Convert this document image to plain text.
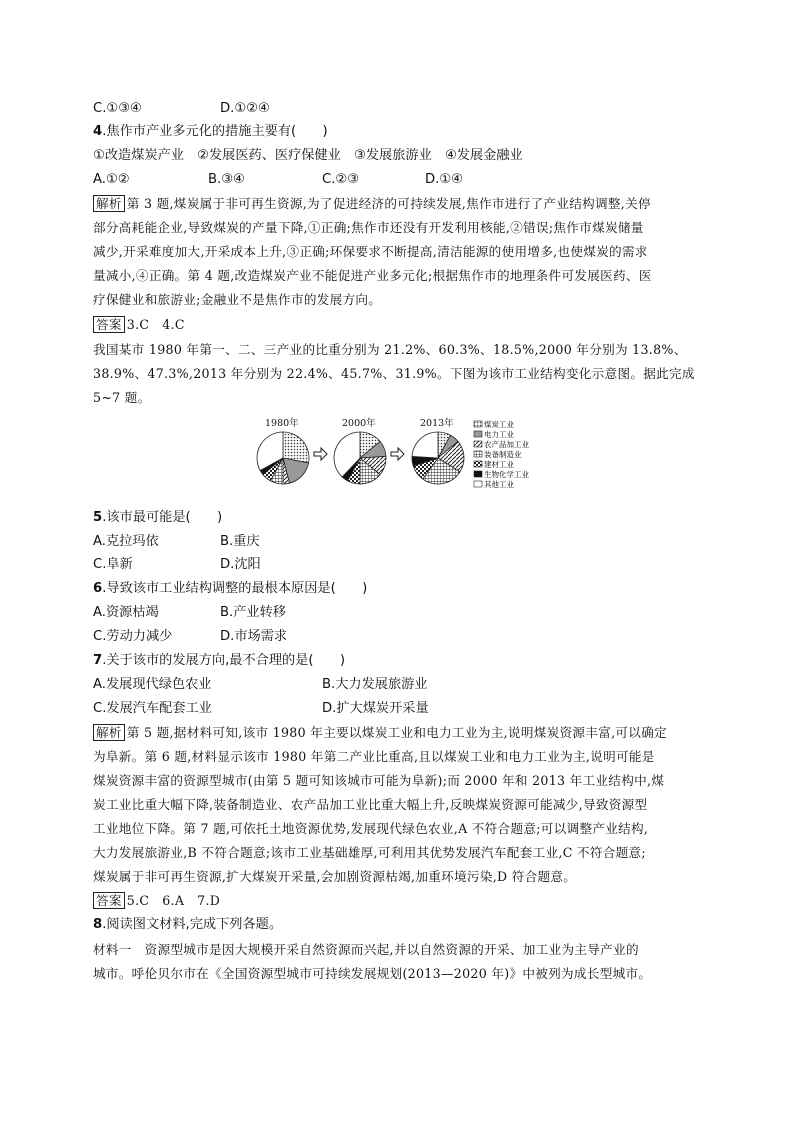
C.①③④	D.①②④
4.焦作市产业多元化的措施主要有(　　)
①改造煤炭产业　②发展医药、医疗保健业　③发展旅游业　④发展金融业
A.①②	B.③④	C.②③	D.①④
解析 第 3 题,煤炭属于非可再生资源,为了促进经济的可持续发展,焦作市进行了产业结构调整,关停
部分高耗能企业,导致煤炭的产量下降,①正确;焦作市还没有开发利用核能,②错误;焦作市煤炭储量
减少,开采难度加大,开采成本上升,③正确;环保要求不断提高,清洁能源的使用增多,也使煤炭的需求
量减小,④正确。第 4 题,改造煤炭产业不能促进产业多元化;根据焦作市的地理条件可发展医药、医
疗保健业和旅游业;金融业不是焦作市的发展方向。
答案 3.C　4.C
我国某市 1980 年第一、二、三产业的比重分别为 21.2%、60.3%、18.5%,2000 年分别为 13.8%、
38.9%、47.3%,2013 年分别为 22.4%、45.7%、31.9%。下图为该市工业结构变化示意图。据此完成
5~7 题。
1980年	2000年	2013年	煤炭工业
电力工业
农产品加工业
装备制造业
建材工业
生物化学工业
其他工业
5.该市最可能是(　　)
A.克拉玛依	B.重庆
C.阜新	D.沈阳
6.导致该市工业结构调整的最根本原因是(　　)
A.资源枯竭	B.产业转移
C.劳动力减少	D.市场需求
7.关于该市的发展方向,最不合理的是(　　)
A.发展现代绿色农业	B.大力发展旅游业
C.发展汽车配套工业	D.扩大煤炭开采量
解析 第 5 题,据材料可知,该市 1980 年主要以煤炭工业和电力工业为主,说明煤炭资源丰富,可以确定
为阜新。第 6 题,材料显示该市 1980 年第二产业比重高,且以煤炭工业和电力工业为主,说明可能是
煤炭资源丰富的资源型城市(由第 5 题可知该城市可能为阜新);而 2000 年和 2013 年工业结构中,煤
炭工业比重大幅下降,装备制造业、农产品加工业比重大幅上升,反映煤炭资源可能减少,导致资源型
工业地位下降。第 7 题,可依托土地资源优势,发展现代绿色农业,A 不符合题意;可以调整产业结构,
大力发展旅游业,B 不符合题意;该市工业基础雄厚,可利用其优势发展汽车配套工业,C 不符合题意;
煤炭属于非可再生资源,扩大煤炭开采量,会加剧资源枯竭,加重环境污染,D 符合题意。
答案 5.C　6.A　7.D
8.阅读图文材料,完成下列各题。
材料一　资源型城市是因大规模开采自然资源而兴起,并以自然资源的开采、加工业为主导产业的
城市。呼伦贝尔市在《全国资源型城市可持续发展规划(2013—2020 年)》中被列为成长型城市。
